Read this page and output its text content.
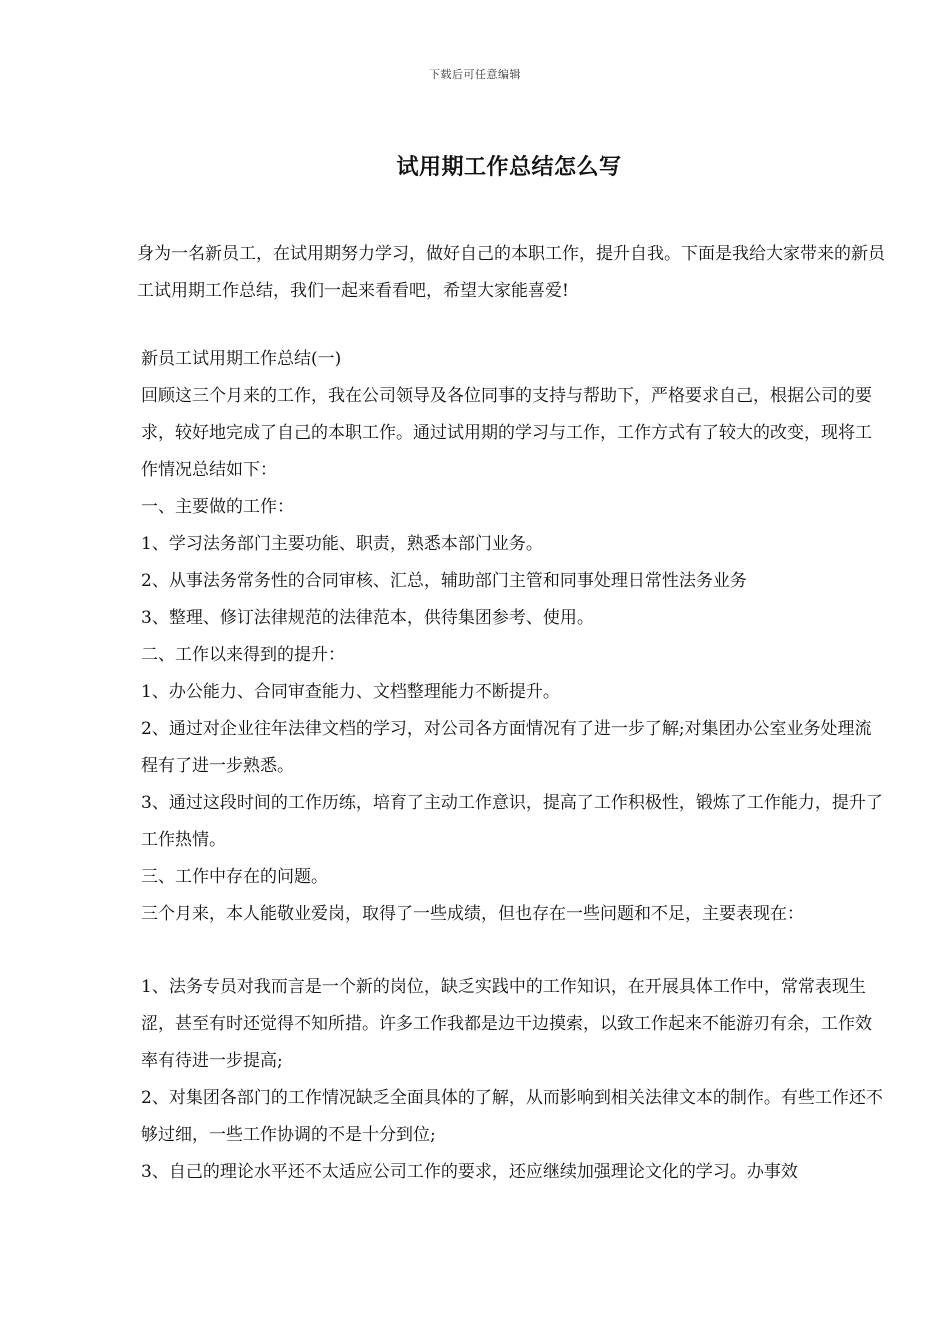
下载后可任意编辑
试用期工作总结怎么写

身为一名新员工，在试用期努力学习，做好自己的本职工作，提升自我。下面是我给大家带来的新员工试用期工作总结，我们一起来看看吧，希望大家能喜爱!

新员工试用期工作总结(一)

回顾这三个月来的工作，我在公司领导及各位同事的支持与帮助下，严格要求自己，根据公司的要求，较好地完成了自己的本职工作。通过试用期的学习与工作，工作方式有了较大的改变，现将工作情况总结如下：

一、主要做的工作：

1、学习法务部门主要功能、职责，熟悉本部门业务。

2、从事法务常务性的合同审核、汇总，辅助部门主管和同事处理日常性法务业务

3、整理、修订法律规范的法律范本，供待集团参考、使用。

二、工作以来得到的提升：

1、办公能力、合同审查能力、文档整理能力不断提升。

2、通过对企业往年法律文档的学习，对公司各方面情况有了进一步了解;对集团办公室业务处理流程有了进一步熟悉。

3、通过这段时间的工作历练，培育了主动工作意识，提高了工作积极性，锻炼了工作能力，提升了工作热情。

三、工作中存在的问题。

三个月来，本人能敬业爱岗，取得了一些成绩，但也存在一些问题和不足，主要表现在：

1、法务专员对我而言是一个新的岗位，缺乏实践中的工作知识，在开展具体工作中，常常表现生涩，甚至有时还觉得不知所措。许多工作我都是边干边摸索，以致工作起来不能游刃有余，工作效率有待进一步提高;

2、对集团各部门的工作情况缺乏全面具体的了解，从而影响到相关法律文本的制作。有些工作还不够过细，一些工作协调的不是十分到位;

3、自己的理论水平还不太适应公司工作的要求，还应继续加强理论文化的学习。办事效
